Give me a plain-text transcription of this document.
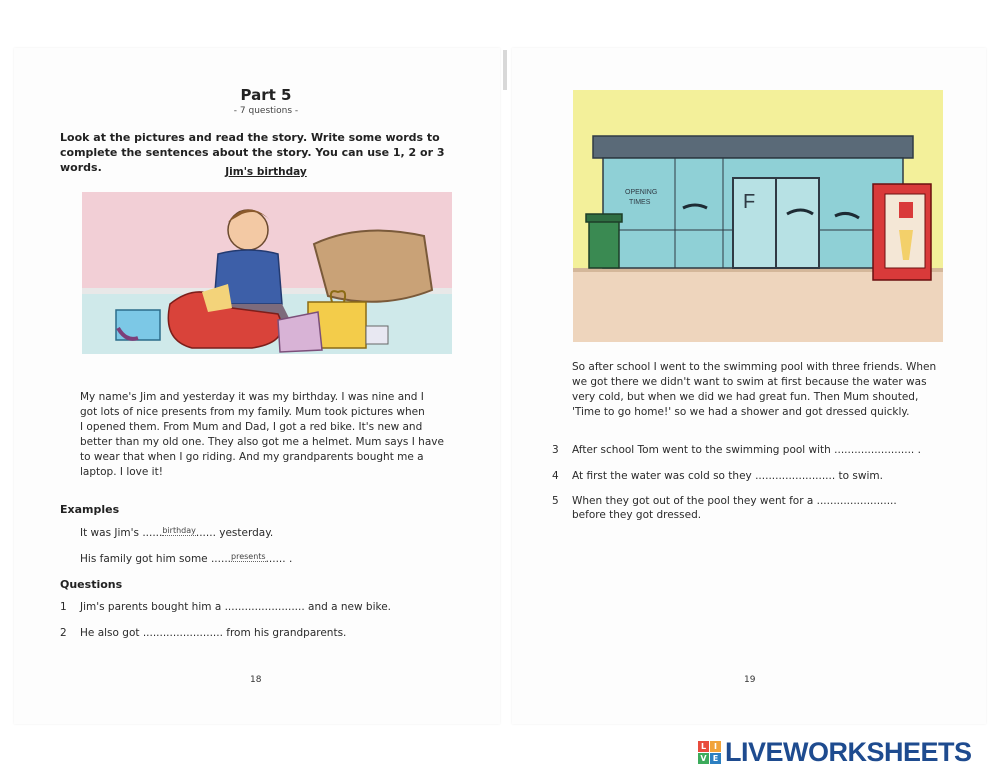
Part 5
- 7 questions -
Look at the pictures and read the story. Write some words to complete the sentences about the story. You can use 1, 2 or 3 words.	Jim's birthday
My name's Jim and yesterday it was my birthday. I was nine and I
got lots of nice presents from my family. Mum took pictures when
I opened them. From Mum and Dad, I got a red bike. It's new and
better than my old one. They also got me a helmet. Mum says I have
to wear that when I go riding. And my grandparents bought me a
laptop. I love it!
Examples
It was Jim's ......$^{birthday}$...... yesterday.
His family got him some ......$^{presents}$...... .
Questions
1 Jim's parents bought him a ........................ and a new bike.
2 He also got ........................ from his grandparents.
18
F
OPENING
TIMES
So after school I went to the swimming pool with three friends. When
we got there we didn't want to swim at first because the water was
very cold, but when we did we had great fun. Then Mum shouted,
'Time to go home!' so we had a shower and got dressed quickly.
3 After school Tom went to the swimming pool with ........................ .
4 At first the water was cold so they ........................ to swim.
5 When they got out of the pool they went for a ........................
before they got dressed.
19
L I
V E LIVEWORKSHEETS
